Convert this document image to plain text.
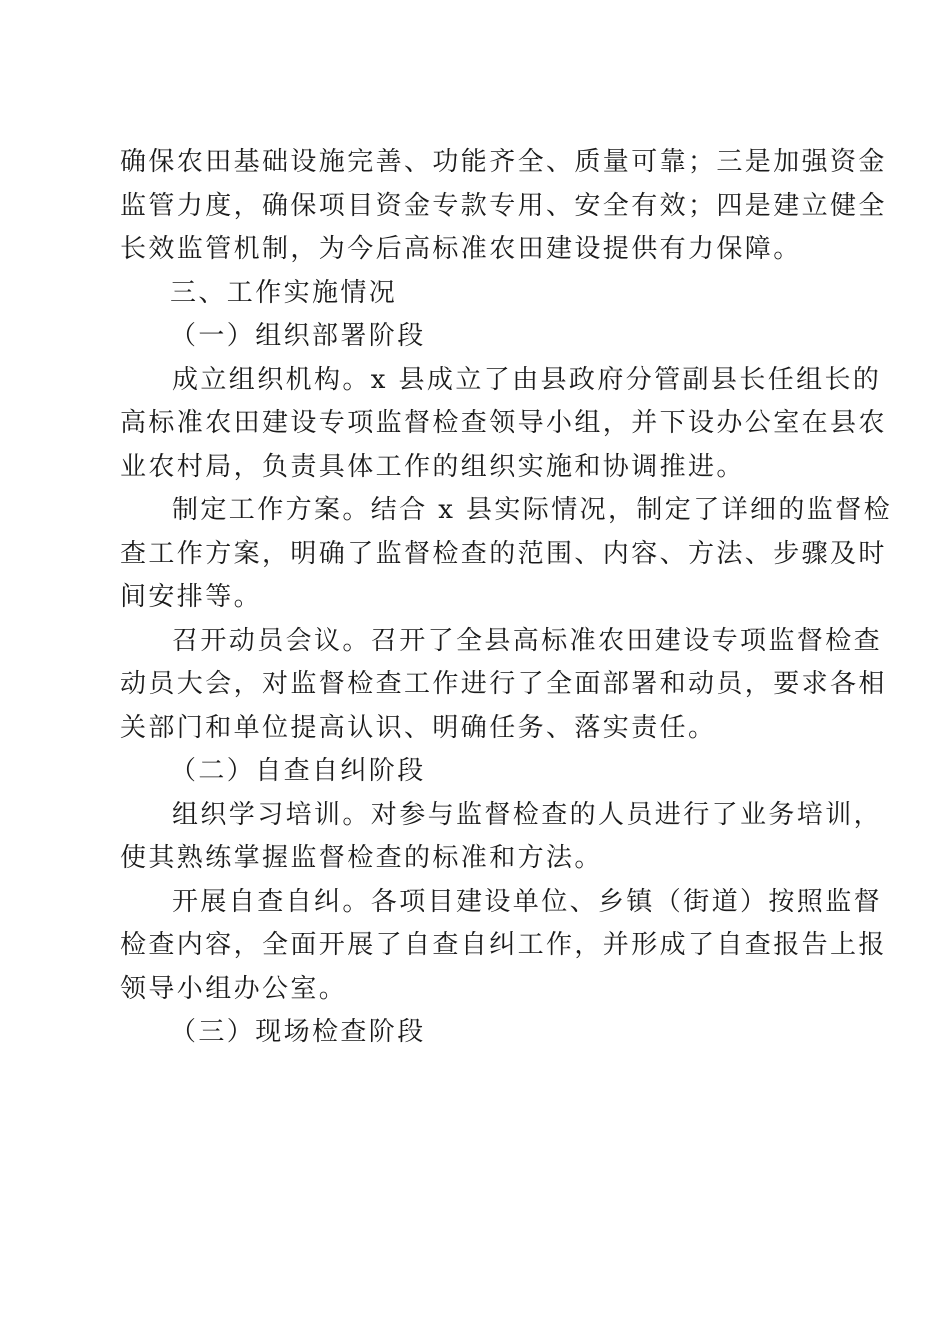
确保农田基础设施完善、功能齐全、质量可靠；三是加强资金
监管力度，确保项目资金专款专用、安全有效；四是建立健全
长效监管机制，为今后高标准农田建设提供有力保障。
三、工作实施情况
（一）组织部署阶段
成立组织机构。x 县成立了由县政府分管副县长任组长的
高标准农田建设专项监督检查领导小组，并下设办公室在县农
业农村局，负责具体工作的组织实施和协调推进。
制定工作方案。结合 x 县实际情况，制定了详细的监督检
查工作方案，明确了监督检查的范围、内容、方法、步骤及时
间安排等。
召开动员会议。召开了全县高标准农田建设专项监督检查
动员大会，对监督检查工作进行了全面部署和动员，要求各相
关部门和单位提高认识、明确任务、落实责任。
（二）自查自纠阶段
组织学习培训。对参与监督检查的人员进行了业务培训，
使其熟练掌握监督检查的标准和方法。
开展自查自纠。各项目建设单位、乡镇（街道）按照监督
检查内容，全面开展了自查自纠工作，并形成了自查报告上报
领导小组办公室。
（三）现场检查阶段
